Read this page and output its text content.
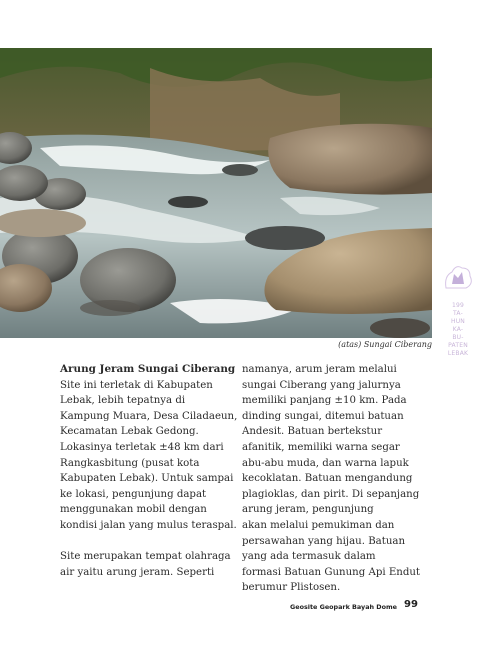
(atas) Sungai Ciberang
199
TA-
HUN
KA-
BU-
PATEN
LEBAK

Arung Jeram Sungai Ciberang

Site ini terletak di Kabupaten

Lebak, lebih tepatnya di

Kampung Muara, Desa Ciladaeun,

Kecamatan Lebak Gedong.

Lokasinya terletak ±48 km dari

Rangkasbitung (pusat kota

Kabupaten Lebak). Untuk sampai

ke lokasi, pengunjung dapat

menggunakan mobil dengan

kondisi jalan yang mulus teraspal.

Site merupakan tempat olahraga

air yaitu arung jeram. Seperti

namanya, arum jeram melalui

sungai Ciberang yang jalurnya

memiliki panjang ±10 km. Pada

dinding sungai, ditemui batuan

Andesit. Batuan bertekstur

afanitik, memiliki warna segar

abu-abu muda, dan warna lapuk

kecoklatan. Batuan mengandung

plagioklas, dan pirit. Di sepanjang

arung jeram, pengunjung

akan melalui pemukiman dan

persawahan yang hijau. Batuan

yang ada termasuk dalam

formasi Batuan Gunung Api Endut

berumur Plistosen.

Geosite Geopark Bayah Dome 99
